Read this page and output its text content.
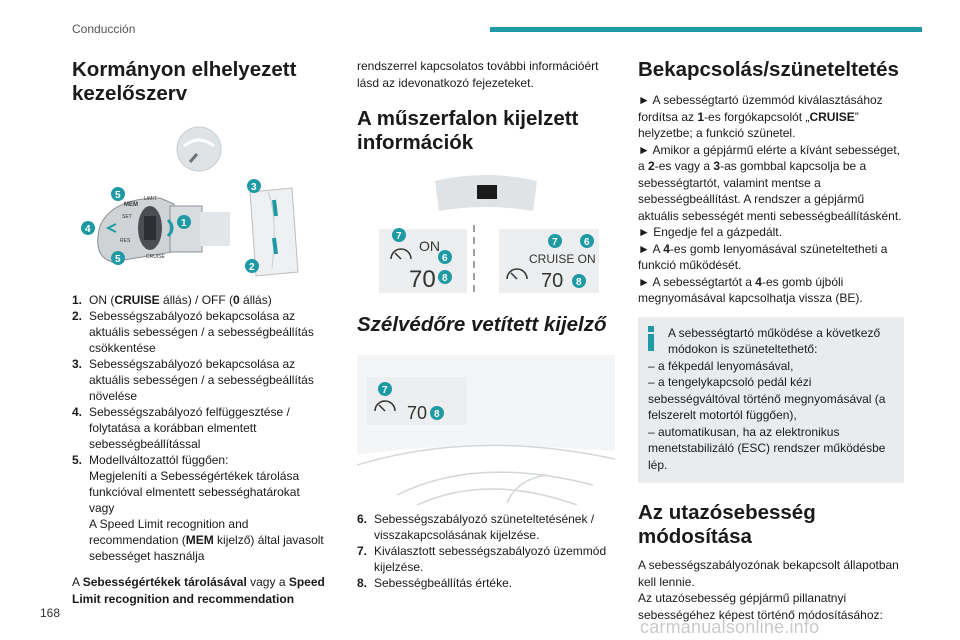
Conducción
Kormányon elhelyezett kezelőszerv
MEM
SET
RES
CRUISE
LIMIT
5
4
5
1
3
2
1. ON (CRUISE állás) / OFF (0 állás)
2. Sebességszabályozó bekapcsolása az aktuális sebességen / a sebességbeállítás csökkentése
3. Sebességszabályozó bekapcsolása az aktuális sebességen / a sebességbeállítás növelése
4. Sebességszabályozó felfüggesztése / folytatása a korábban elmentett sebességbeállítással
5. Modellváltozattól függően:
Megjeleníti a Sebességértékek tárolása funkcióval elmentett sebességhatárokat
vagy
A Speed Limit recognition and recommendation (MEM kijelző) által javasolt sebességet használja

A Sebességértékek tárolásával vagy a Speed Limit recognition and recommendation

rendszerrel kapcsolatos további információért lásd az idevonatkozó fejezeteket.

A műszerfalon kijelzett információk
ON
70
7
6
8
7	6
CRUISE ON
70 8
Szélvédőre vetített kijelző
7
70 8
6. Sebességszabályozó szüneteltetésének / visszakapcsolásának kijelzése.
7. Kiválasztott sebességszabályozó üzemmód kijelzése.
8. Sebességbeállítás értéke.
Bekapcsolás/szüneteltetés

► A sebességtartó üzemmód kiválasztásához fordítsa az 1-es forgókapcsolót „CRUISE” helyzetbe; a funkció szünetel.

► Amikor a gépjármű elérte a kívánt sebességet, a 2-es vagy a 3-as gombbal kapcsolja be a sebességtartót, valamint mentse a sebességbeállítást. A rendszer a gépjármű aktuális sebességét menti sebességbeállításként.

► Engedje fel a gázpedált.

► A 4-es gomb lenyomásával szüneteltetheti a funkció működését.

► A sebességtartót a 4-es gomb újbóli megnyomásával kapcsolhatja vissza (BE).

A sebességtartó működése a következő módokon is szüneteltethető:

– a fékpedál lenyomásával,

– a tengelykapcsoló pedál kézi sebességváltóval történő megnyomásával (a felszerelt motortól függően),

– automatikusan, ha az elektronikus menetstabilizáló (ESC) rendszer működésbe lép.

Az utazósebesség módosítása

A sebességszabályozónak bekapcsolt állapotban kell lennie.

Az utazósebesség gépjármű pillanatnyi sebességéhez képest történő módosításához:

168
carmanualsonline.info
